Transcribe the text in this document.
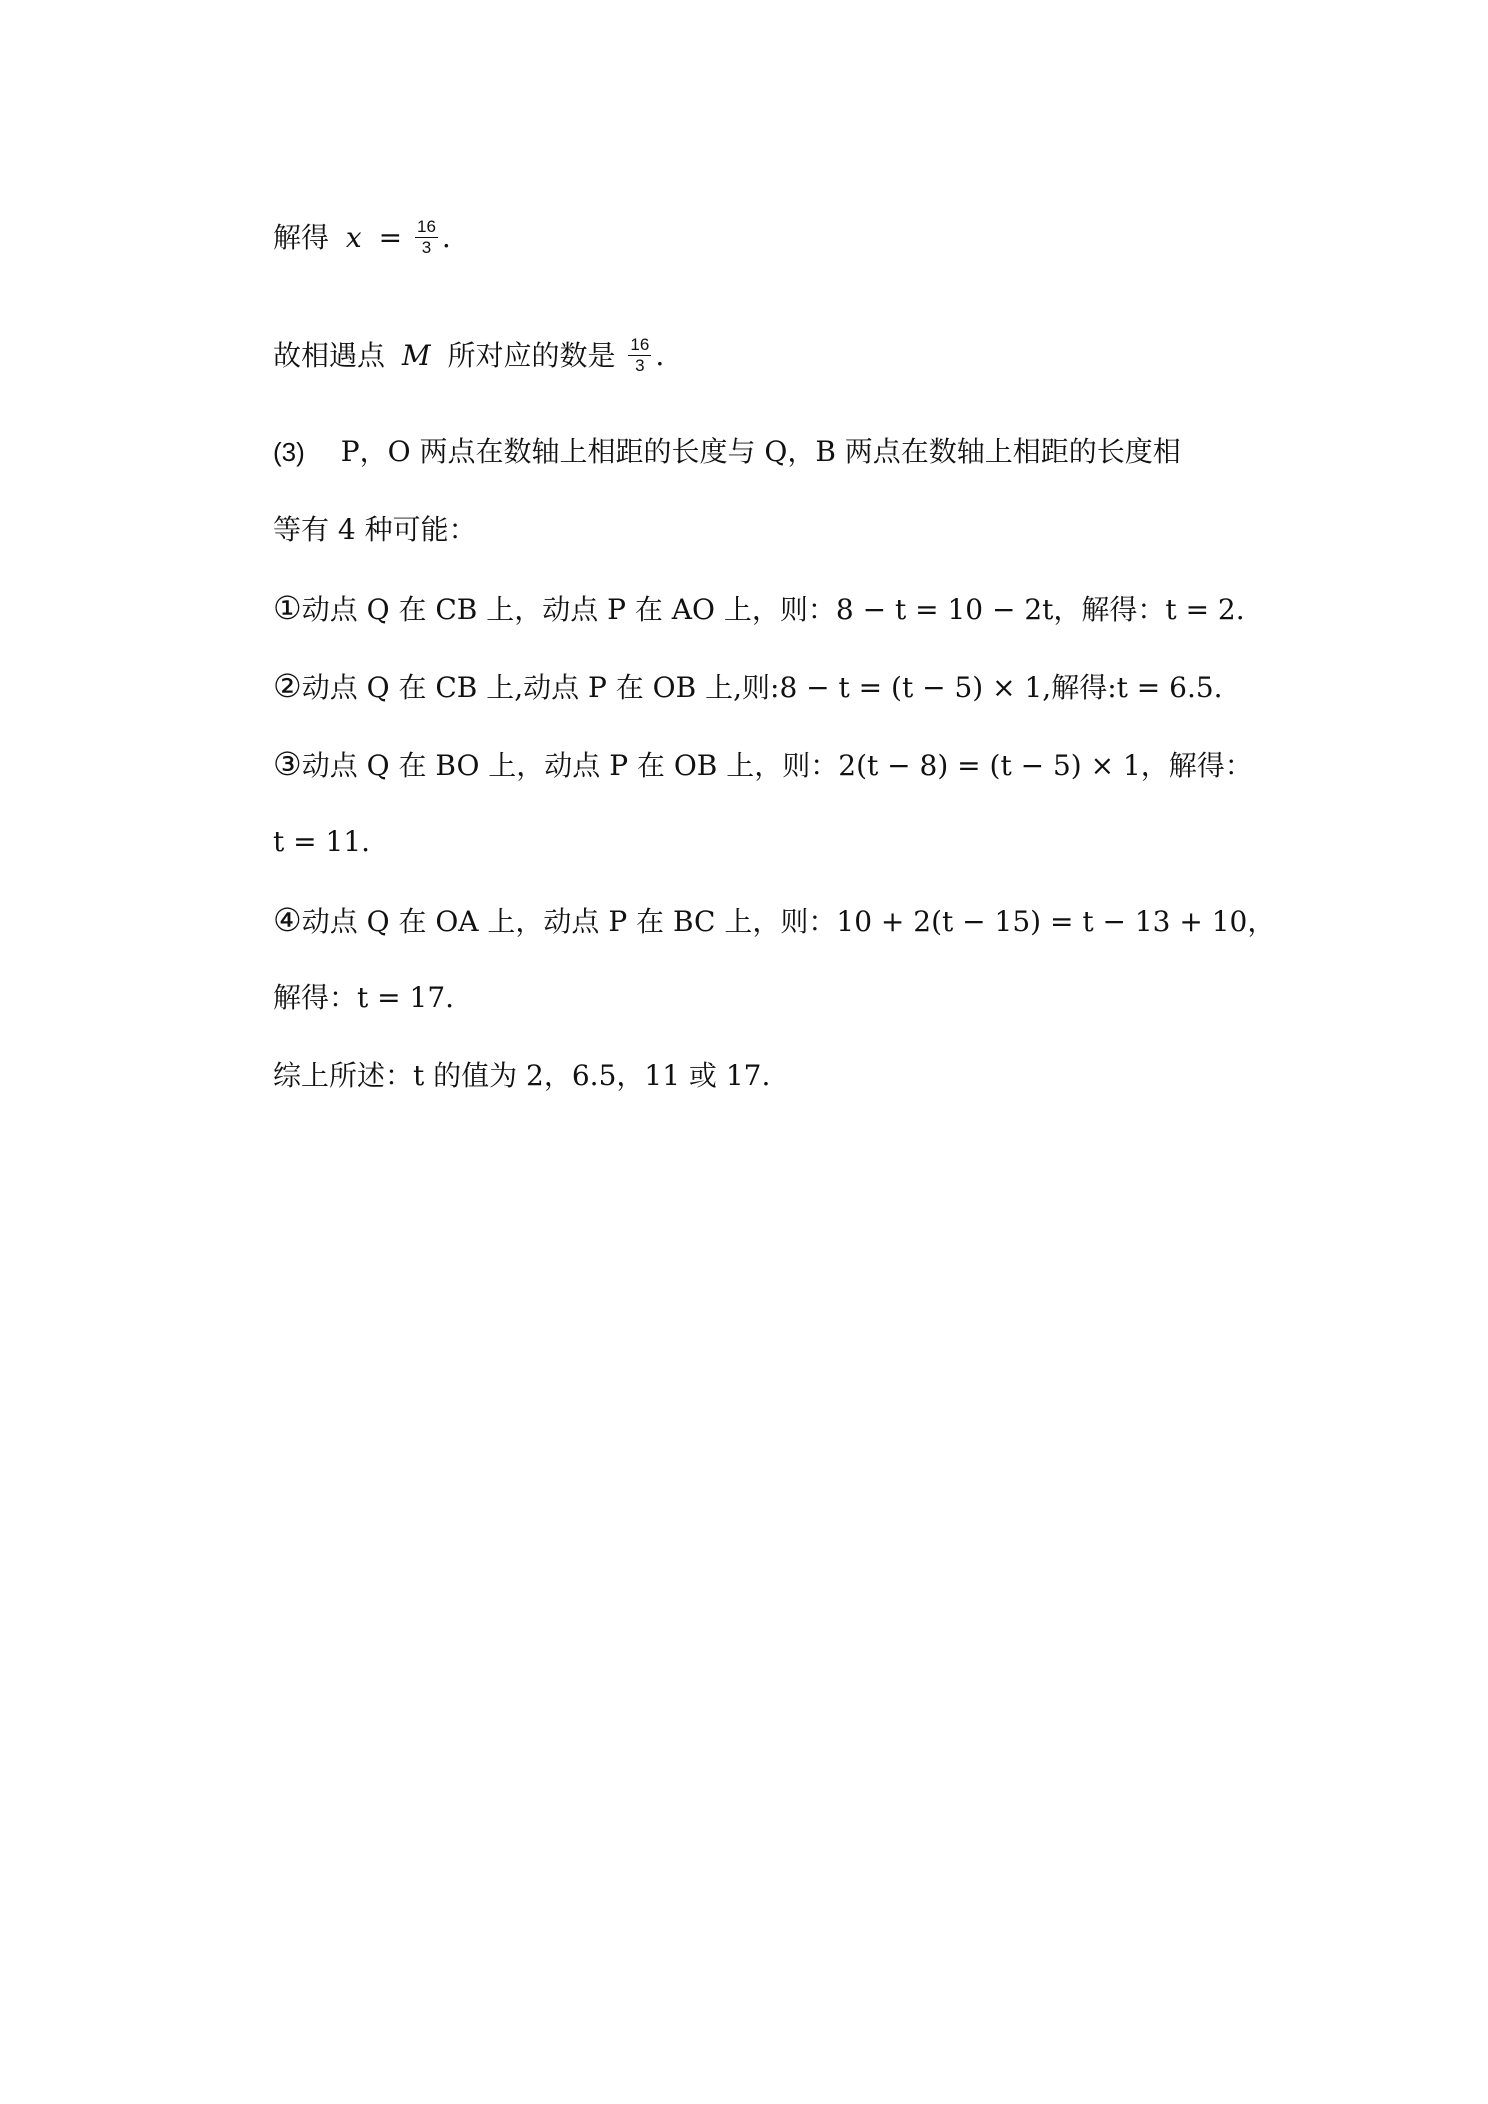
解得 $x = \frac{16}{3}$ .
故相遇点 M 所对应的数是 $\frac{16}{3}$ .
(3) P，O 两点在数轴上相距的长度与 Q，B 两点在数轴上相距的长度相
等有 4 种可能：
①动点 Q 在 CB 上，动点 P 在 AO 上，则：8 − t = 10 − 2t，解得：t = 2.
②动点 Q 在 CB 上,动点 P 在 OB 上,则:8 − t = (t − 5) × 1,解得:t = 6.5.
③动点 Q 在 BO 上，动点 P 在 OB 上，则：2(t − 8) = (t − 5) × 1，解得：
t = 11.
④动点 Q 在 OA 上，动点 P 在 BC 上，则：10 + 2(t − 15) = t − 13 + 10，
解得：t = 17.
综上所述：t 的值为 2，6.5，11 或 17.
